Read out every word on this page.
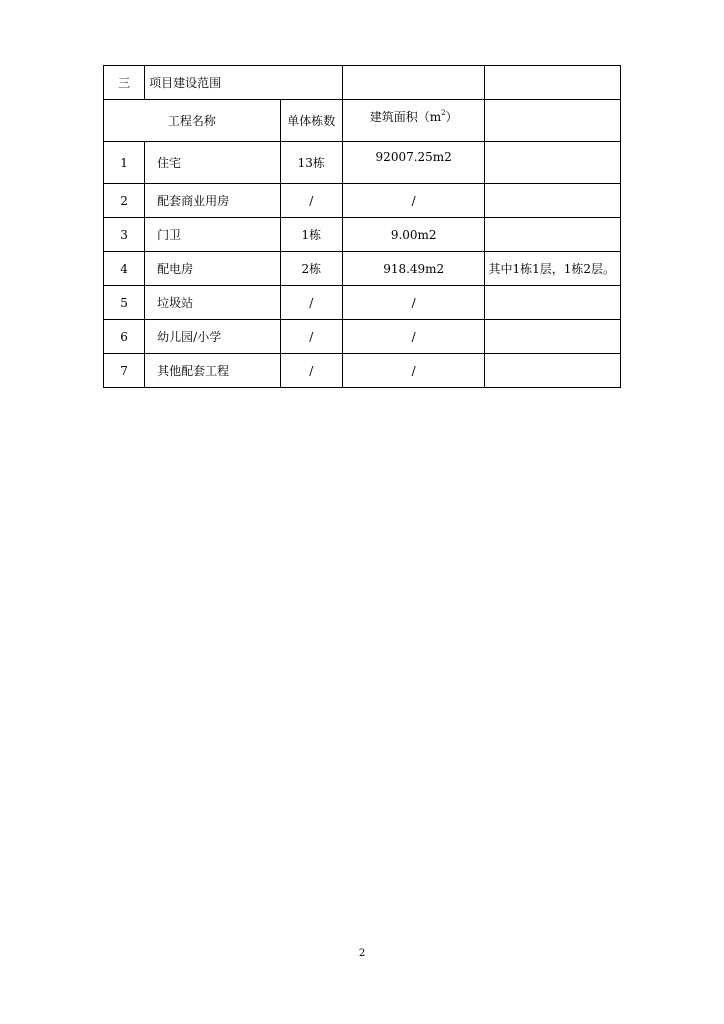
三	项目建设范围			
工程名称		单体栋数	建筑面积$(m^2)$	
1	住宅	13栋	92007.25m2	
2	配套商业用房	/	/	
3	门卫	1栋	9.00m2	
4	配电房	2栋	918.49m2	其中1栋1层，1栋2层。
5	垃圾站	/	/	
6	幼儿园/小学	/	/	
7	其他配套工程	/	/	
2
